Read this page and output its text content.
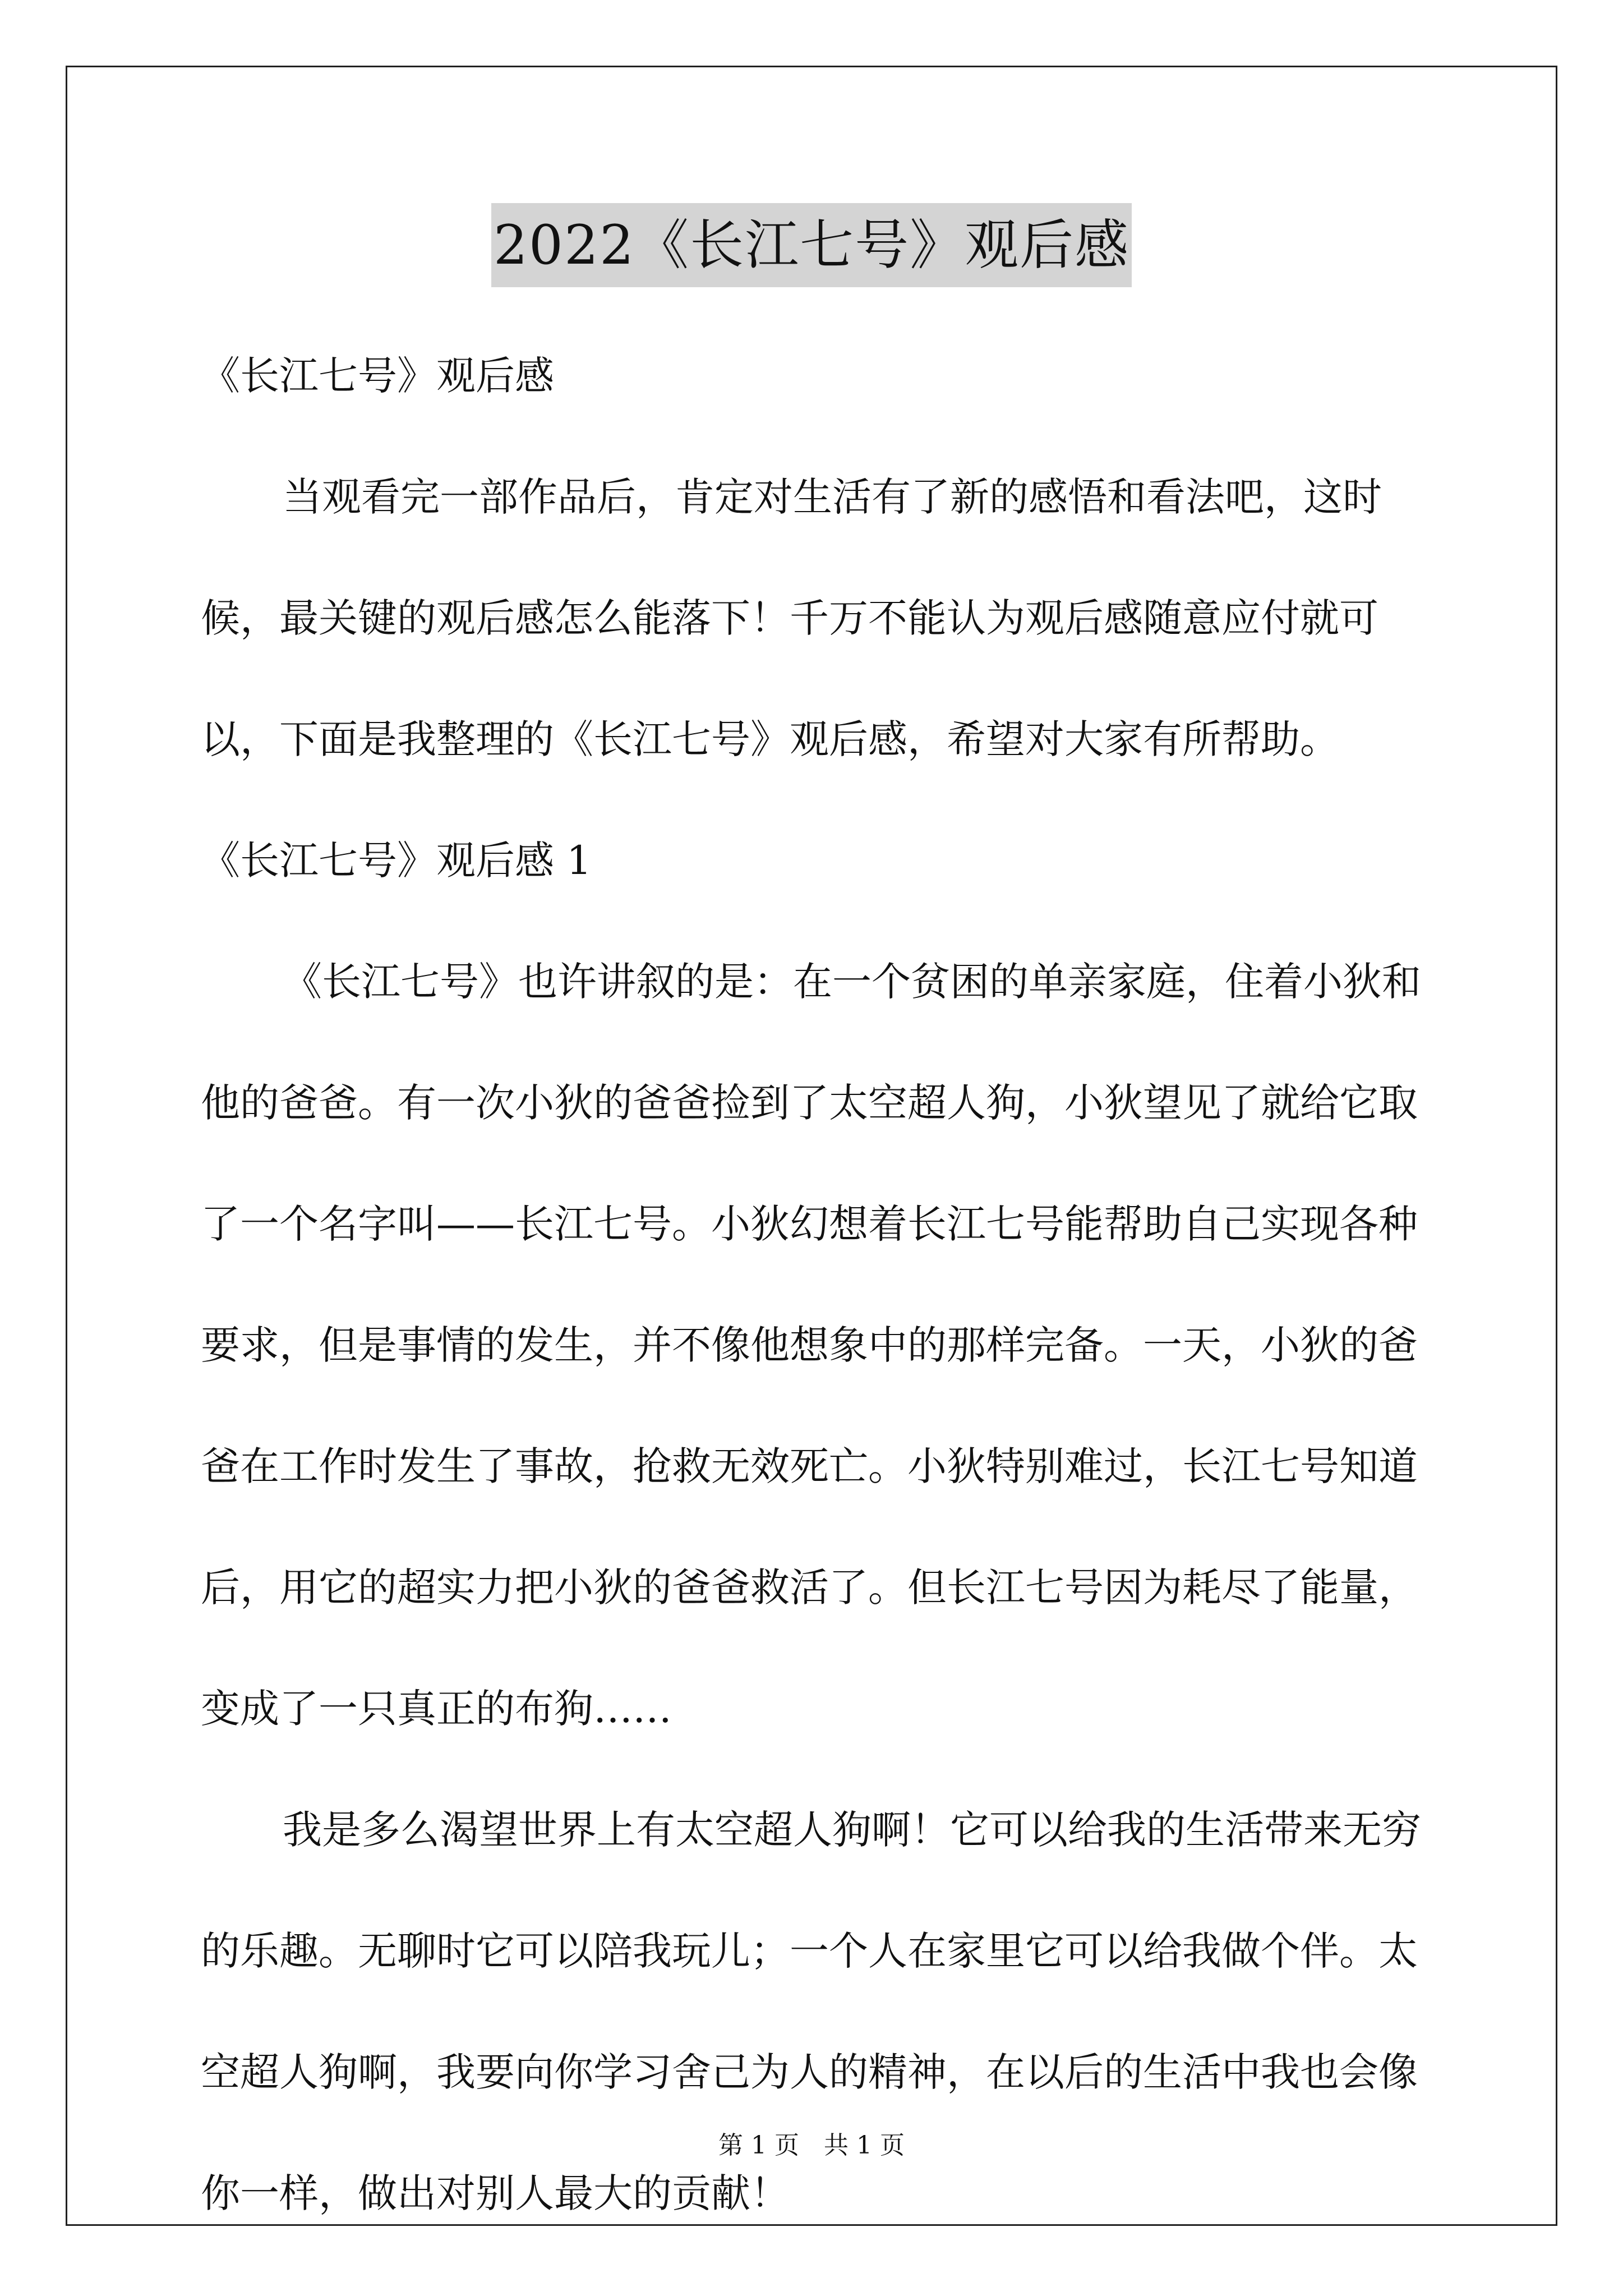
2022《长江七号》观后感

《长江七号》观后感

当观看完一部作品后，肯定对生活有了新的感悟和看法吧，这时候，最关键的观后感怎么能落下！千万不能认为观后感随意应付就可以，下面是我整理的《长江七号》观后感，希望对大家有所帮助。

《长江七号》观后感 1

《长江七号》也许讲叙的是：在一个贫困的单亲家庭，住着小狄和他的爸爸。有一次小狄的爸爸捡到了太空超人狗，小狄望见了就给它取了一个名字叫——长江七号。小狄幻想着长江七号能帮助自己实现各种要求，但是事情的发生，并不像他想象中的那样完备。一天，小狄的爸爸在工作时发生了事故，抢救无效死亡。小狄特别难过，长江七号知道后，用它的超实力把小狄的爸爸救活了。但长江七号因为耗尽了能量，变成了一只真正的布狗……

我是多么渴望世界上有太空超人狗啊！它可以给我的生活带来无穷的乐趣。无聊时它可以陪我玩儿；一个人在家里它可以给我做个伴。太空超人狗啊，我要向你学习舍己为人的精神，在以后的生活中我也会像你一样，做出对别人最大的贡献！

第 1 页　共 1 页
